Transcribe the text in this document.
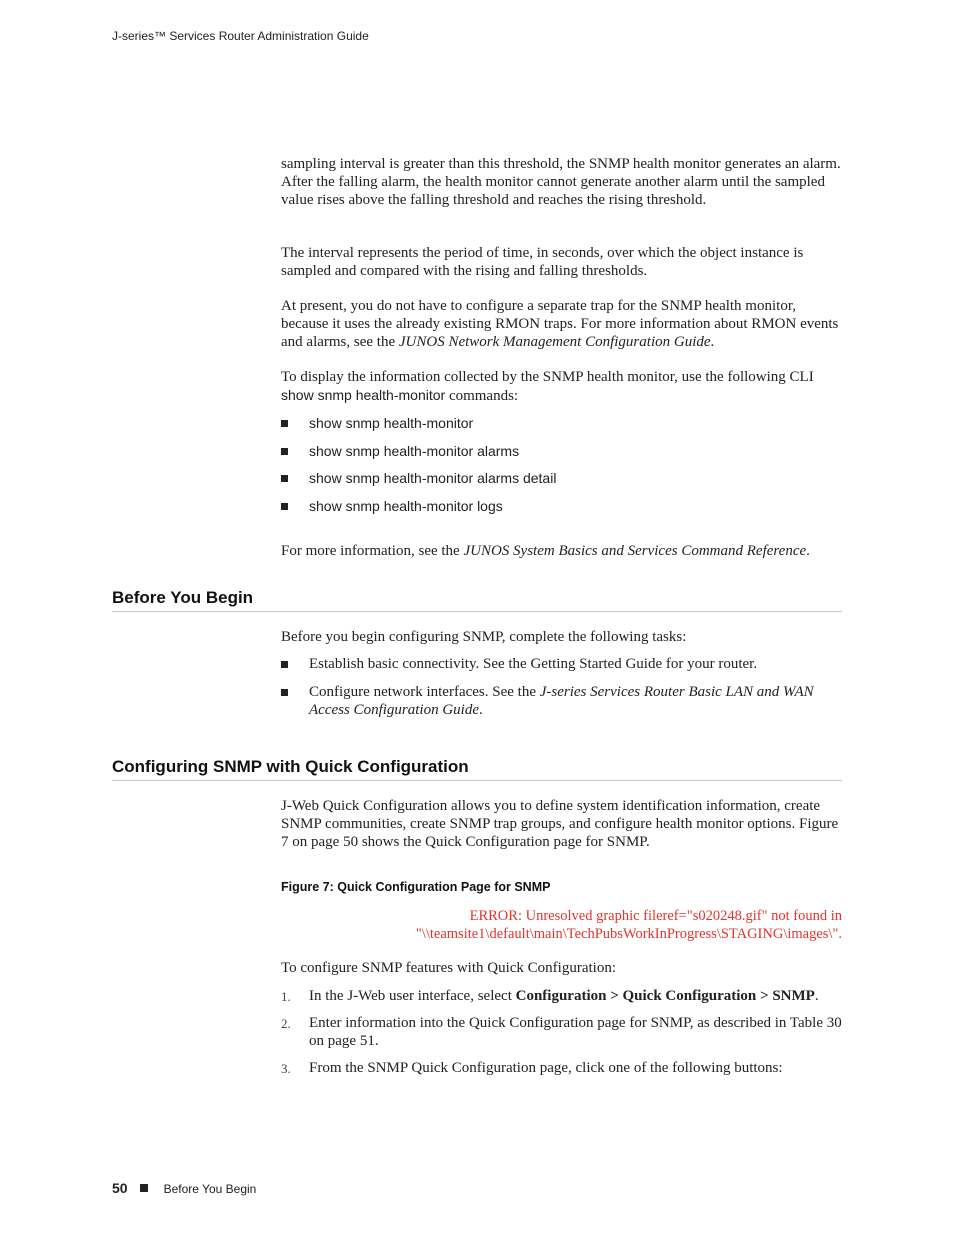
J-series™ Services Router Administration Guide

sampling interval is greater than this threshold, the SNMP health monitor generates an alarm. After the falling alarm, the health monitor cannot generate another alarm until the sampled value rises above the falling threshold and reaches the rising threshold.

The interval represents the period of time, in seconds, over which the object instance is sampled and compared with the rising and falling thresholds.

At present, you do not have to configure a separate trap for the SNMP health monitor, because it uses the already existing RMON traps. For more information about RMON events and alarms, see the JUNOS Network Management Configuration Guide.

To display the information collected by the SNMP health monitor, use the following CLI show snmp health-monitor commands:

show snmp health-monitor
show snmp health-monitor alarms
show snmp health-monitor alarms detail
show snmp health-monitor logs

For more information, see the JUNOS System Basics and Services Command Reference.

Before You Begin

Before you begin configuring SNMP, complete the following tasks:

Establish basic connectivity. See the Getting Started Guide for your router.
Configure network interfaces. See the J-series Services Router Basic LAN and WAN Access Configuration Guide.
Configuring SNMP with Quick Configuration

J-Web Quick Configuration allows you to define system identification information, create SNMP communities, create SNMP trap groups, and configure health monitor options. Figure 7 on page 50 shows the Quick Configuration page for SNMP.

Figure 7: Quick Configuration Page for SNMP
ERROR: Unresolved graphic fileref="s020248.gif" not found in
"\\teamsite1\default\main\TechPubsWorkInProgress\STAGING\images\".

To configure SNMP features with Quick Configuration:

1. In the J-Web user interface, select Configuration > Quick Configuration > SNMP.
2. Enter information into the Quick Configuration page for SNMP, as described in Table 30 on page 51.
3. From the SNMP Quick Configuration page, click one of the following buttons:
50	Before You Begin
